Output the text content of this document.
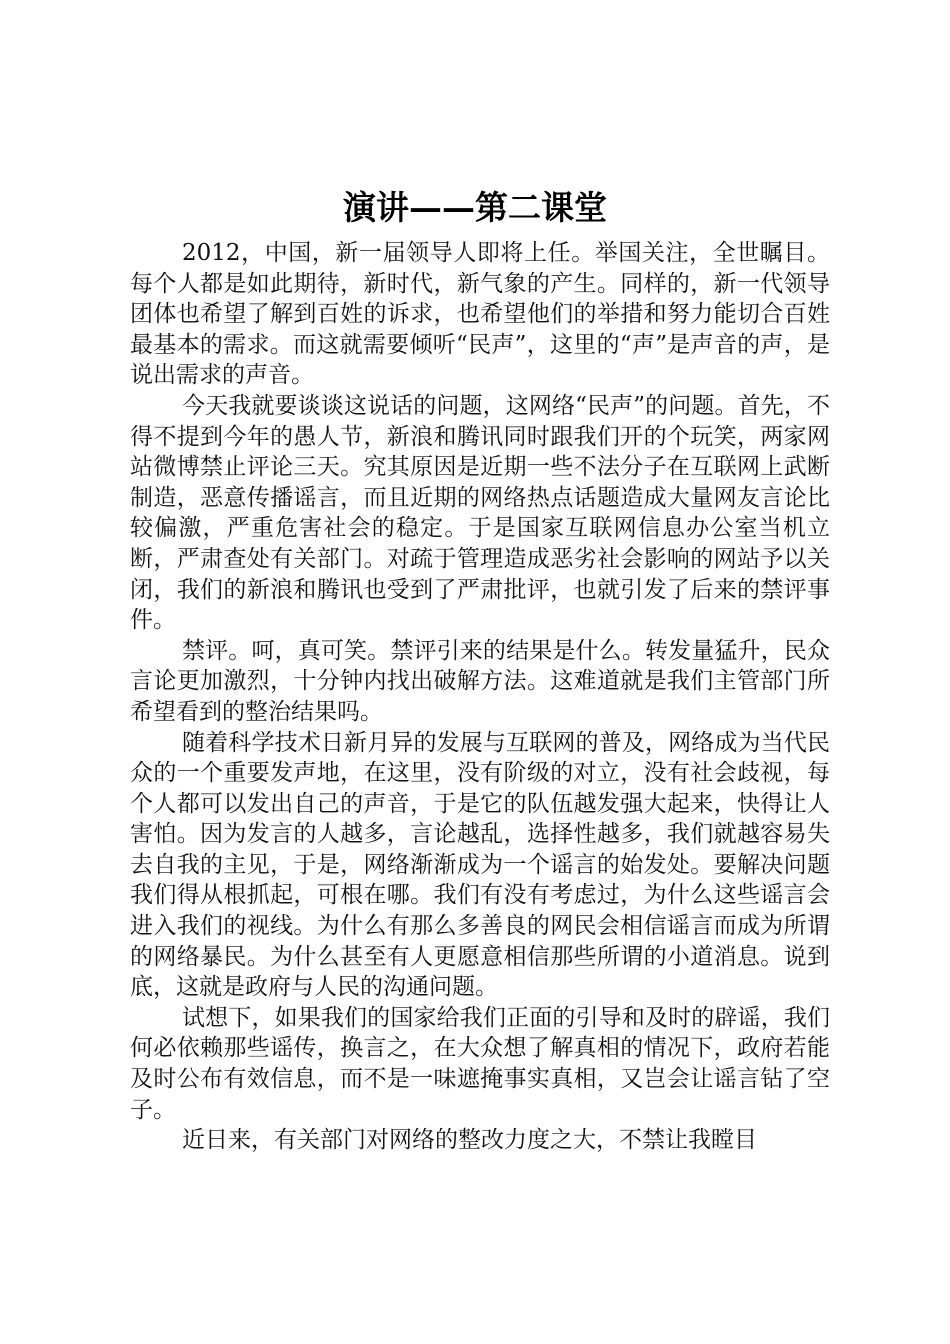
演讲——第二课堂

2012，中国，新一届领导人即将上任。举国关注，全世瞩目。每个人都是如此期待，新时代，新气象的产生。同样的，新一代领导团体也希望了解到百姓的诉求，也希望他们的举措和努力能切合百姓最基本的需求。而这就需要倾听“民声”，这里的“声”是声音的声，是说出需求的声音。

今天我就要谈谈这说话的问题，这网络“民声”的问题。首先，不得不提到今年的愚人节，新浪和腾讯同时跟我们开的个玩笑，两家网站微博禁止评论三天。究其原因是近期一些不法分子在互联网上武断制造，恶意传播谣言，而且近期的网络热点话题造成大量网友言论比较偏激，严重危害社会的稳定。于是国家互联网信息办公室当机立断，严肃查处有关部门。对疏于管理造成恶劣社会影响的网站予以关闭，我们的新浪和腾讯也受到了严肃批评，也就引发了后来的禁评事件。

禁评。呵，真可笑。禁评引来的结果是什么。转发量猛升，民众言论更加激烈，十分钟内找出破解方法。这难道就是我们主管部门所希望看到的整治结果吗。

随着科学技术日新月异的发展与互联网的普及，网络成为当代民众的一个重要发声地，在这里，没有阶级的对立，没有社会歧视，每个人都可以发出自己的声音，于是它的队伍越发强大起来，快得让人害怕。因为发言的人越多，言论越乱，选择性越多，我们就越容易失去自我的主见，于是，网络渐渐成为一个谣言的始发处。要解决问题我们得从根抓起，可根在哪。我们有没有考虑过，为什么这些谣言会进入我们的视线。为什么有那么多善良的网民会相信谣言而成为所谓的网络暴民。为什么甚至有人更愿意相信那些所谓的小道消息。说到底，这就是政府与人民的沟通问题。

试想下，如果我们的国家给我们正面的引导和及时的辟谣，我们何必依赖那些谣传，换言之，在大众想了解真相的情况下，政府若能及时公布有效信息，而不是一味遮掩事实真相，又岂会让谣言钻了空子。

近日来，有关部门对网络的整改力度之大，不禁让我瞠目
